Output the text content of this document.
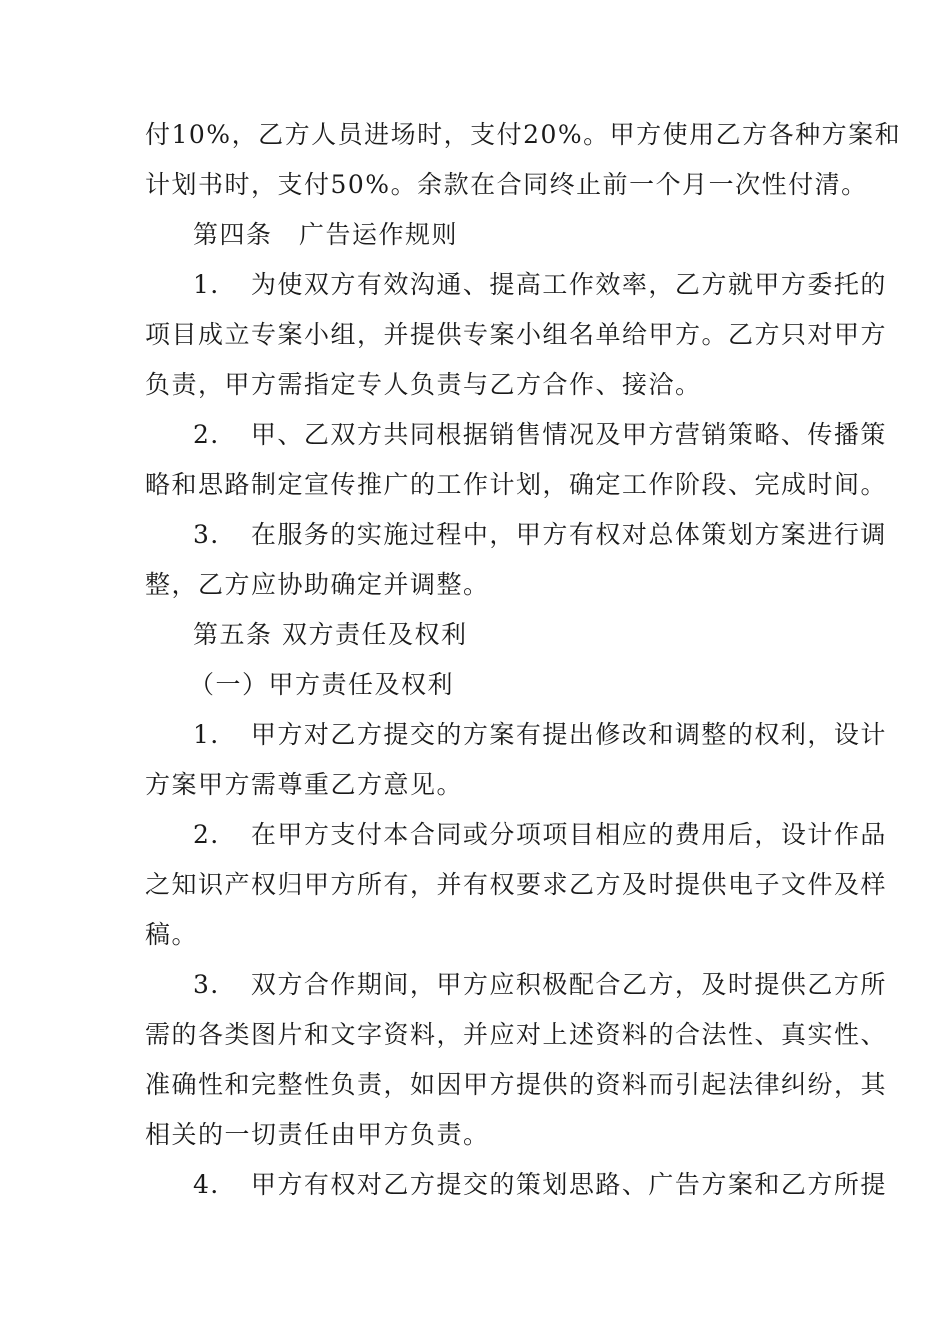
付10%，乙方人员进场时，支付20%。甲方使用乙方各种方案和
计划书时，支付50%。余款在合同终止前一个月一次性付清。
第四条　广告运作规则
1．　为使双方有效沟通、提高工作效率，乙方就甲方委托的
项目成立专案小组，并提供专案小组名单给甲方。乙方只对甲方
负责，甲方需指定专人负责与乙方合作、接洽。
2．　甲、乙双方共同根据销售情况及甲方营销策略、传播策
略和思路制定宣传推广的工作计划，确定工作阶段、完成时间。
3．　在服务的实施过程中，甲方有权对总体策划方案进行调
整，乙方应协助确定并调整。
第五条 双方责任及权利
（一）甲方责任及权利
1．　甲方对乙方提交的方案有提出修改和调整的权利，设计
方案甲方需尊重乙方意见。
2．　在甲方支付本合同或分项项目相应的费用后，设计作品
之知识产权归甲方所有，并有权要求乙方及时提供电子文件及样
稿。
3．　双方合作期间，甲方应积极配合乙方，及时提供乙方所
需的各类图片和文字资料，并应对上述资料的合法性、真实性、
准确性和完整性负责，如因甲方提供的资料而引起法律纠纷，其
相关的一切责任由甲方负责。
4．　甲方有权对乙方提交的策划思路、广告方案和乙方所提
